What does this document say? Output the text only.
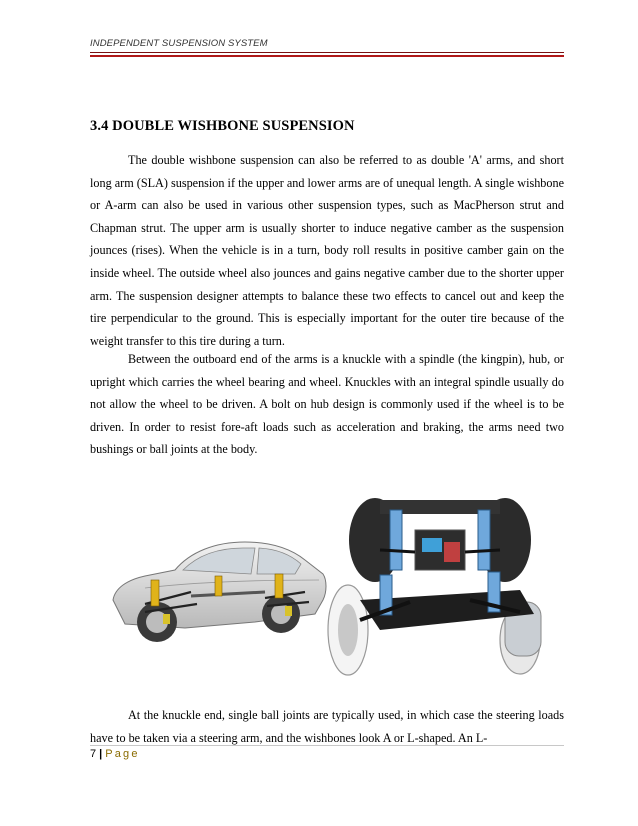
INDEPENDENT SUSPENSION SYSTEM
3.4 DOUBLE WISHBONE SUSPENSION

The double wishbone suspension can also be referred to as double 'A' arms, and short long arm (SLA) suspension if the upper and lower arms are of unequal length. A single wishbone or A-arm can also be used in various other suspension types, such as MacPherson strut and Chapman strut. The upper arm is usually shorter to induce negative camber as the suspension jounces (rises). When the vehicle is in a turn, body roll results in positive camber gain on the inside wheel. The outside wheel also jounces and gains negative camber due to the shorter upper arm. The suspension designer attempts to balance these two effects to cancel out and keep the tire perpendicular to the ground. This is especially important for the outer tire because of the weight transfer to this tire during a turn.

Between the outboard end of the arms is a knuckle with a spindle (the kingpin), hub, or upright which carries the wheel bearing and wheel. Knuckles with an integral spindle usually do not allow the wheel to be driven. A bolt on hub design is commonly used if the wheel is to be driven. In order to resist fore-aft loads such as acceleration and braking, the arms need two bushings or ball joints at the body.

At the knuckle end, single ball joints are typically used, in which case the steering loads have to be taken via a steering arm, and the wishbones look A or L-shaped. An L-

7 | Page
